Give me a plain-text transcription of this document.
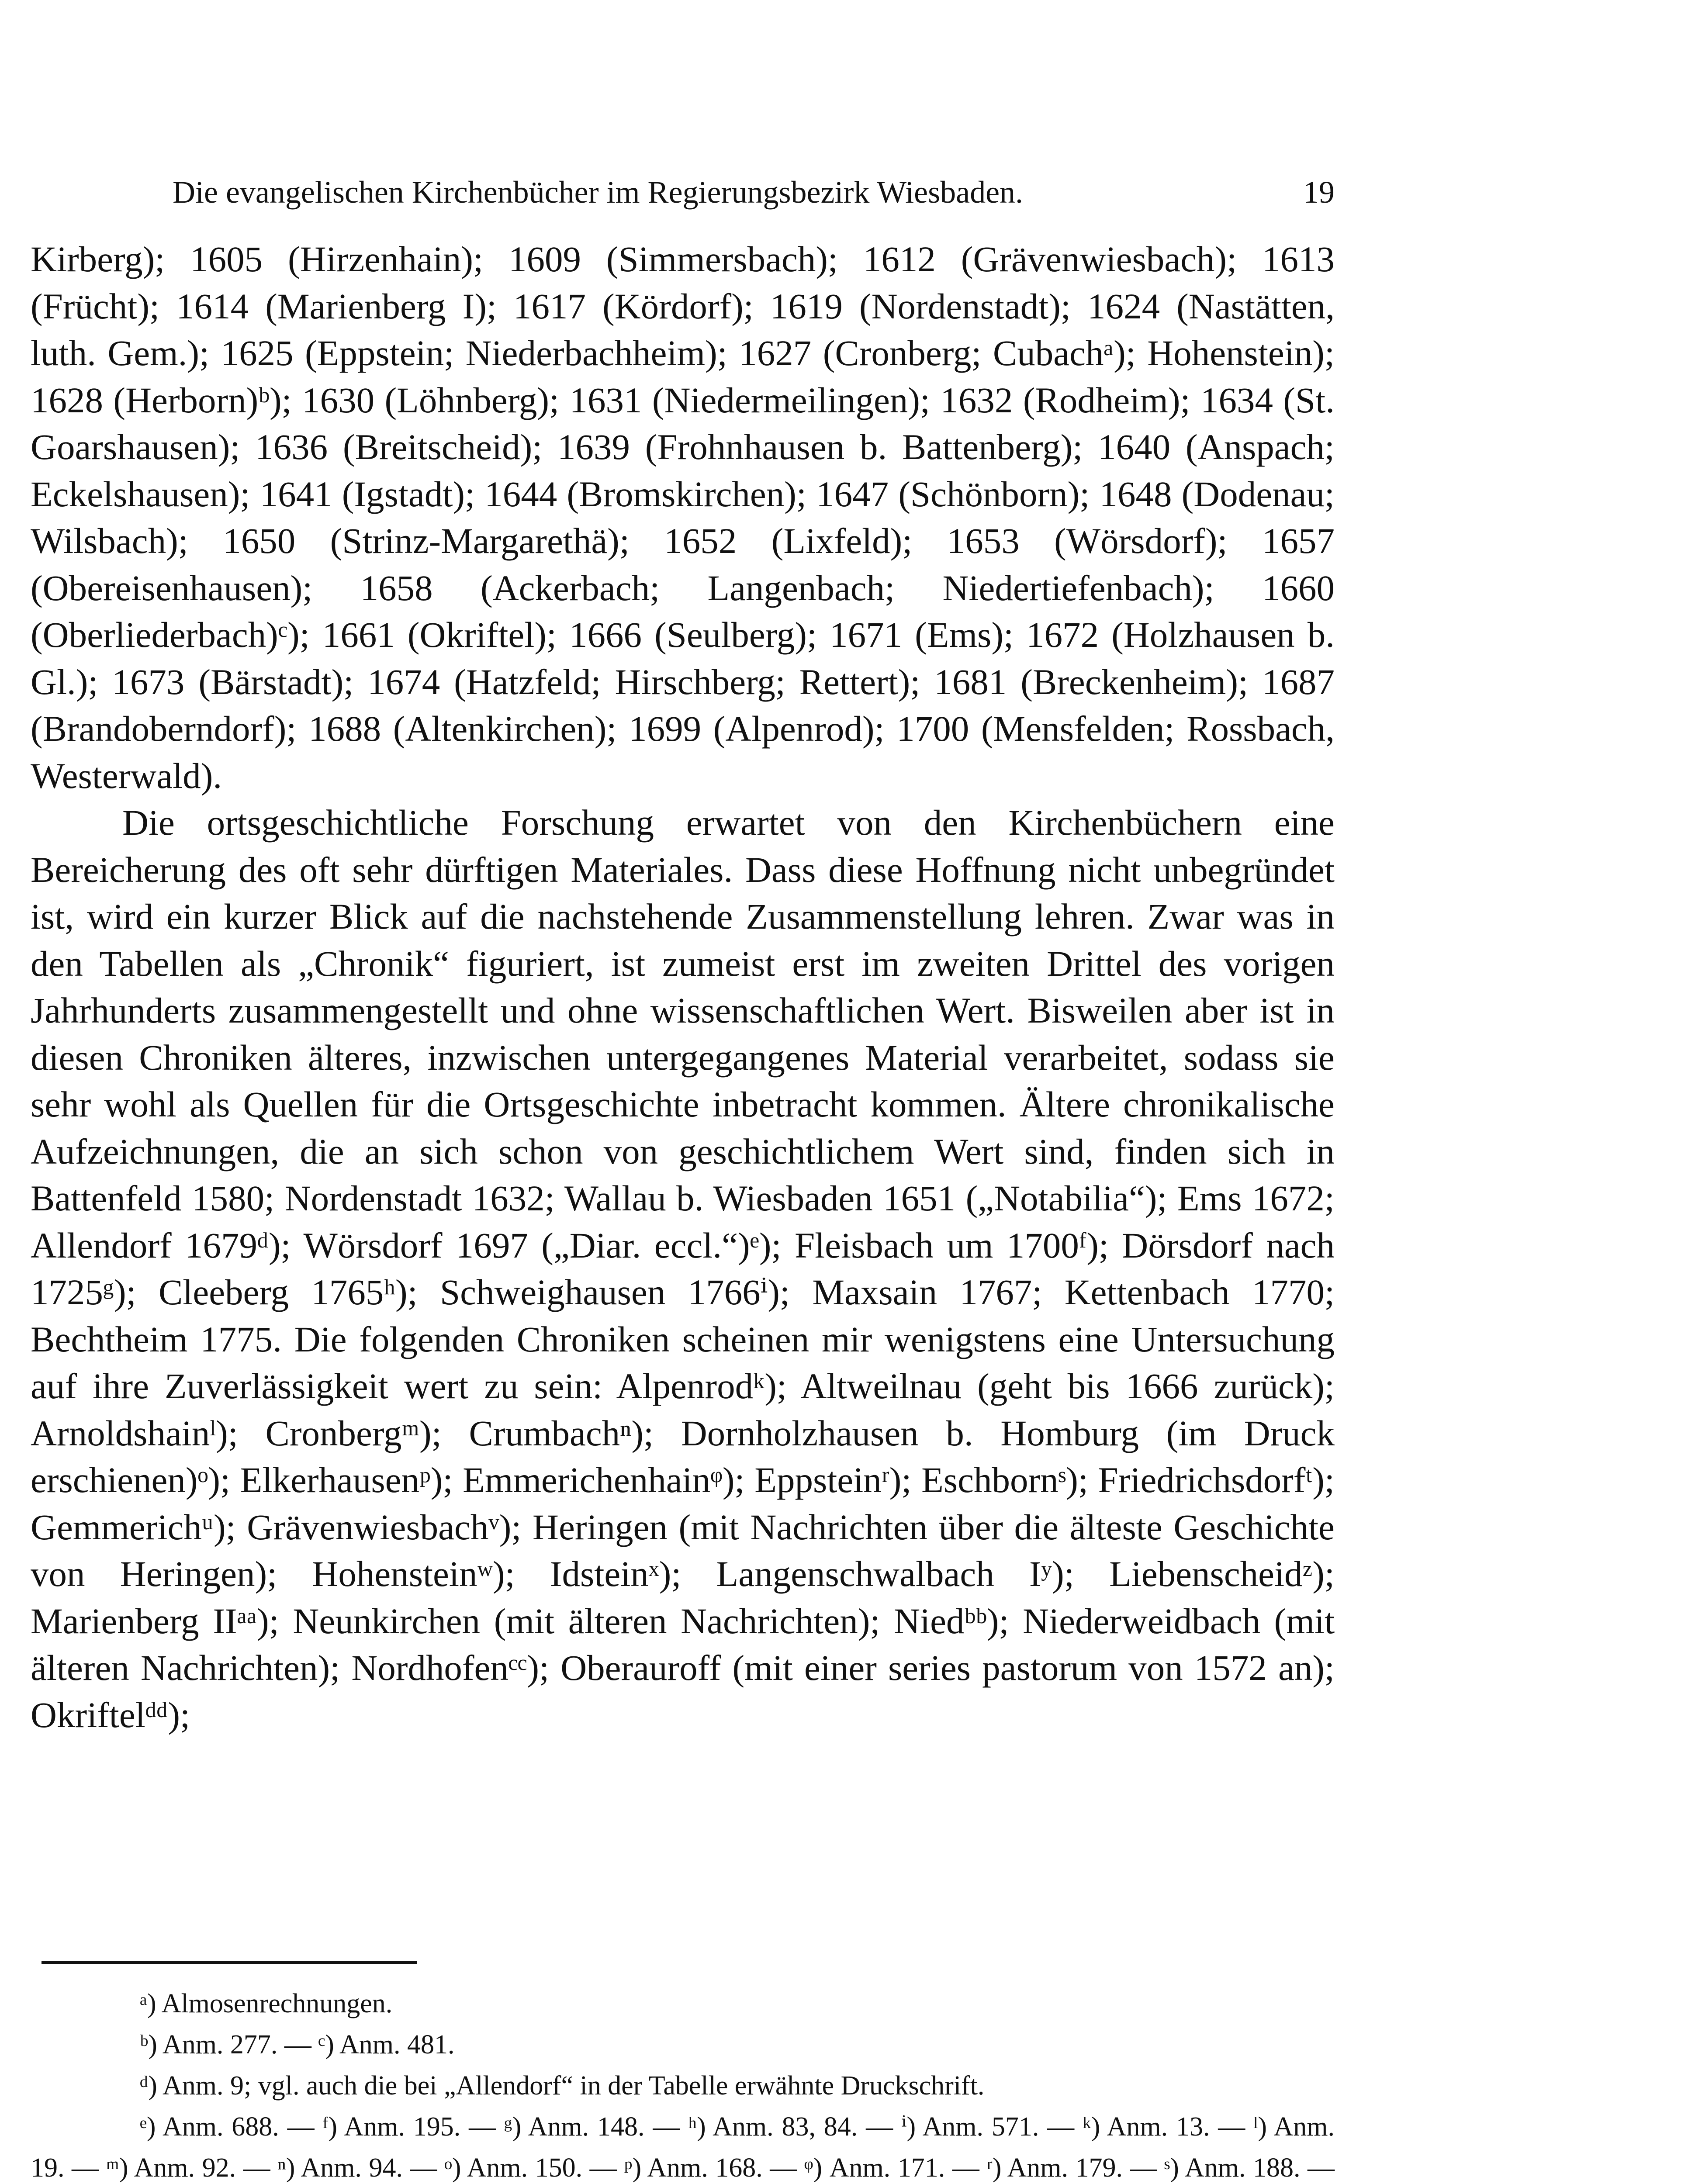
Die evangelischen Kirchenbücher im Regierungsbezirk Wiesbaden.	19

Kirberg); 1605 (Hirzenhain); 1609 (Simmersbach); 1612 (Grävenwiesbach); 1613 (Frücht); 1614 (Marienberg I); 1617 (Kördorf); 1619 (Nordenstadt); 1624 (Nastätten, luth. Gem.); 1625 (Eppstein; Niederbachheim); 1627 (Cronberg; Cubachᵃ); Hohenstein); 1628 (Herborn)ᵇ); 1630 (Löhnberg); 1631 (Niedermeilingen); 1632 (Rodheim); 1634 (St. Goarshausen); 1636 (Breitscheid); 1639 (Frohnhausen b. Battenberg); 1640 (Anspach; Eckelshausen); 1641 (Igstadt); 1644 (Bromskirchen); 1647 (Schönborn); 1648 (Dodenau; Wilsbach); 1650 (Strinz-Margarethä); 1652 (Lixfeld); 1653 (Wörsdorf); 1657 (Obereisenhausen); 1658 (Ackerbach; Langenbach; Niedertiefenbach); 1660 (Oberliederbach)ᶜ); 1661 (Okriftel); 1666 (Seulberg); 1671 (Ems); 1672 (Holzhausen b. Gl.); 1673 (Bärstadt); 1674 (Hatzfeld; Hirschberg; Rettert); 1681 (Breckenheim); 1687 (Brandoberndorf); 1688 (Altenkirchen); 1699 (Alpenrod); 1700 (Mensfelden; Rossbach, Westerwald).

Die ortsgeschichtliche Forschung erwartet von den Kirchenbüchern eine Bereicherung des oft sehr dürftigen Materiales. Dass diese Hoffnung nicht unbegründet ist, wird ein kurzer Blick auf die nachstehende Zusammenstellung lehren. Zwar was in den Tabellen als „Chronik“ figuriert, ist zumeist erst im zweiten Drittel des vorigen Jahrhunderts zusammengestellt und ohne wissenschaftlichen Wert. Bisweilen aber ist in diesen Chroniken älteres, inzwischen untergegangenes Material verarbeitet, sodass sie sehr wohl als Quellen für die Ortsgeschichte inbetracht kommen. Ältere chronikalische Aufzeichnungen, die an sich schon von geschichtlichem Wert sind, finden sich in Battenfeld 1580; Nordenstadt 1632; Wallau b. Wiesbaden 1651 („Notabilia“); Ems 1672; Allendorf 1679ᵈ); Wörsdorf 1697 („Diar. eccl.“)ᵉ); Fleisbach um 1700ᶠ); Dörsdorf nach 1725ᵍ); Cleeberg 1765ʰ); Schweighausen 1766ⁱ); Maxsain 1767; Kettenbach 1770; Bechtheim 1775. Die folgenden Chroniken scheinen mir wenigstens eine Untersuchung auf ihre Zuverlässigkeit wert zu sein: Alpenrodᵏ); Altweilnau (geht bis 1666 zurück); Arnoldshainˡ); Cronbergᵐ); Crumbachⁿ); Dornholzhausen b. Homburg (im Druck erschienen)ᵒ); Elkerhausenᵖ); Emmerichenhainᵠ); Eppsteinʳ); Eschbornˢ); Friedrichsdorfᵗ); Gemmerichᵘ); Grävenwiesbachᵛ); Heringen (mit Nachrichten über die älteste Geschichte von Heringen); Hohensteinʷ); Idsteinˣ); Langenschwalbach Iʸ); Liebenscheidᶻ); Marienberg IIᵃᵃ); Neunkirchen (mit älteren Nachrichten); Niedᵇᵇ); Niederweidbach (mit älteren Nachrichten); Nordhofenᶜᶜ); Oberauroff (mit einer series pastorum von 1572 an); Okriftelᵈᵈ);

ᵃ) Almosenrechnungen.

ᵇ) Anm. 277. — ᶜ) Anm. 481.

ᵈ) Anm. 9; vgl. auch die bei „Allendorf“ in der Tabelle erwähnte Druckschrift.

ᵉ) Anm. 688. — ᶠ) Anm. 195. — ᵍ) Anm. 148. — ʰ) Anm. 83, 84. — ⁱ) Anm. 571. — ᵏ) Anm. 13. — ˡ) Anm. 19. — ᵐ) Anm. 92. — ⁿ) Anm. 94. — ᵒ) Anm. 150. — ᵖ) Anm. 168. — ᵠ) Anm. 171. — ʳ) Anm. 179. — ˢ) Anm. 188. —
